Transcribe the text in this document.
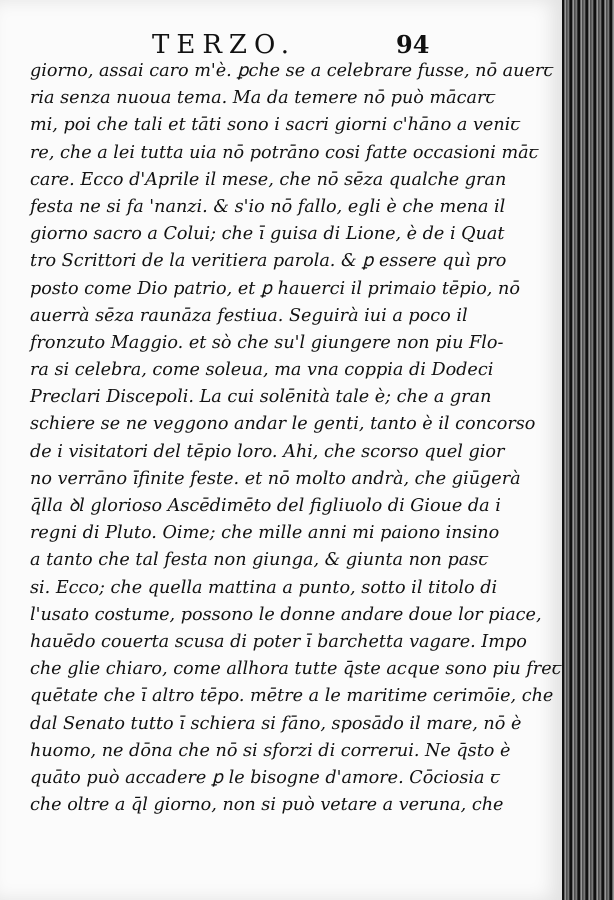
TERZO.	94
giorno, assai caro m'è. ꝑche se a celebrare fusse, nō auerꞇ
ria senza nuoua tema. Ma da temere nō può mācarꞇ
mi, poi che tali et tāti sono i sacri giorni c'hāno a veniꞇ
re, che a lei tutta uia nō potrāno cosi fatte occasioni māꞇ
care. Ecco d'Aprile il mese, che nō sēza qualche gran
festa ne si fa 'nanzi. & s'io nō fallo, egli è che mena il
giorno sacro a Colui; che ī guisa di Lione, è de i Quat
tro Scrittori de la veritiera parola. & ꝑ essere quì pro
posto come Dio patrio, et ꝑ hauerci il primaio tēpio, nō
auerrà sēza raunāza festiua. Seguirà iui a poco il
fronzuto Maggio. et sò che su'l giungere non piu Flo-
ra si celebra, come soleua, ma vna coppia di Dodeci
Preclari Discepoli. La cui solēnità tale è; che a gran
schiere se ne veggono andar le genti, tanto è il concorso
de i visitatori del tēpio loro. Ahi, che scorso quel gior
no verrāno īfinite feste. et nō molto andrà, che giūgerà
q̄lla ꝺl glorioso Ascēdimēto del figliuolo di Gioue da i
regni di Pluto. Oime; che mille anni mi paiono insino
a tanto che tal festa non giunga, & giunta non pasꞇ
si. Ecco; che quella mattina a punto, sotto il titolo di
l'usato costume, possono le donne andare doue lor piace,
hauēdo couerta scusa di poter ī barchetta vagare. Impo
che glie chiaro, come allhora tutte q̄ste acque sono piu freꞇ
quētate che ī altro tēpo. mētre a le maritime cerimōie, che
dal Senato tutto ī schiera si fāno, sposādo il mare, nō è
huomo, ne dōna che nō si sforzi di correrui. Ne q̄sto è
quāto può accadere ꝑ le bisogne d'amore. Cōciosia ꞇ
che oltre a q̄l giorno, non si può vetare a veruna, che
